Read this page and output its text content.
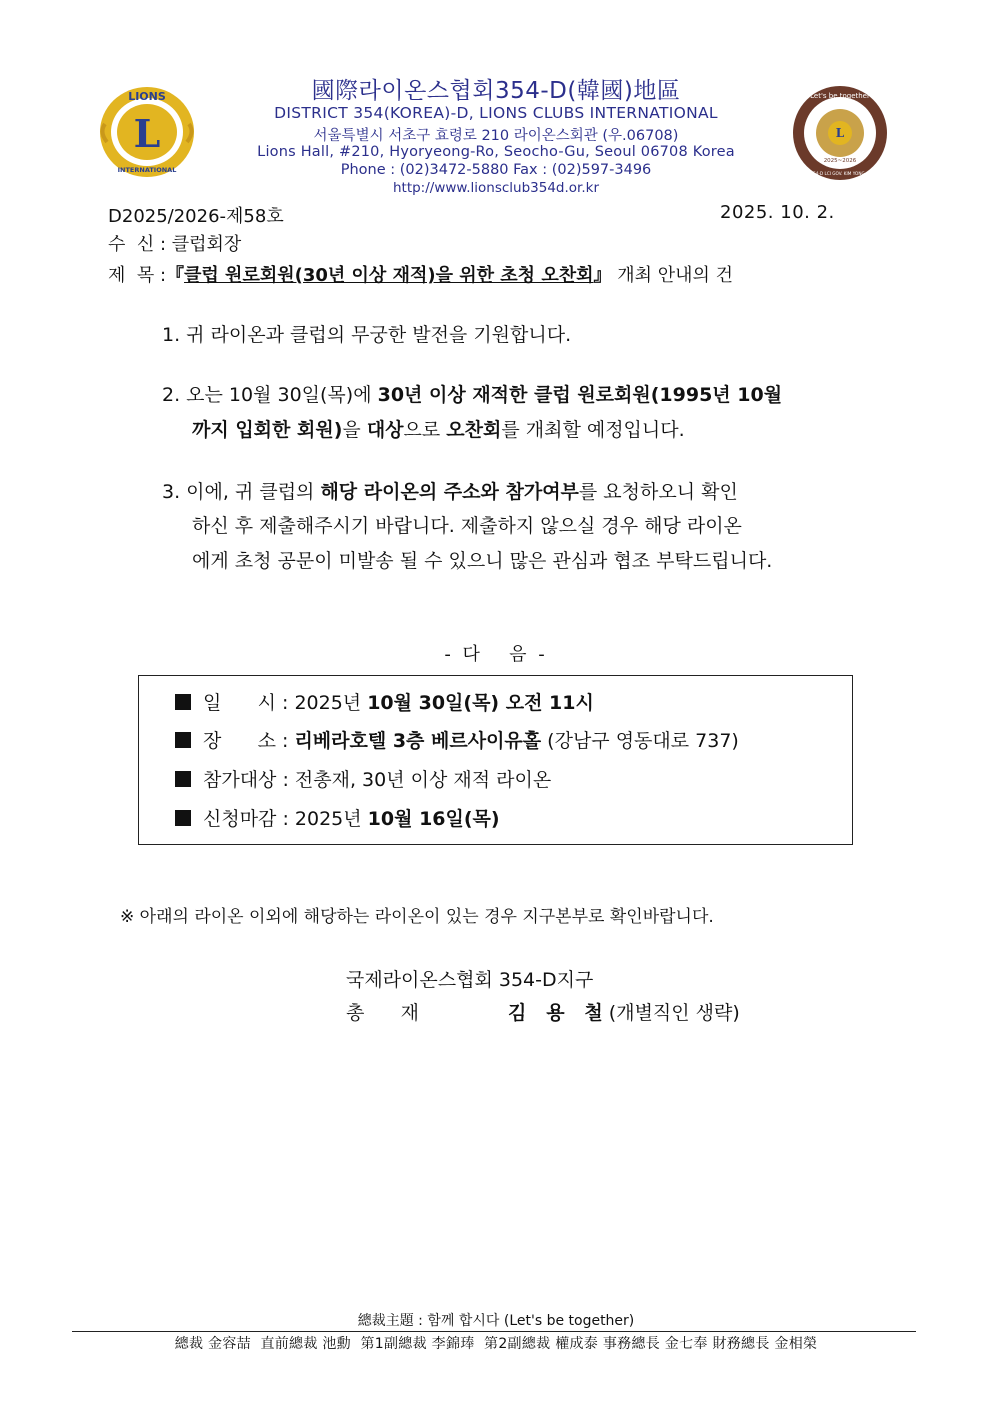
L
LIONS
INTERNATIONAL
L
Let's be together
2025~2026
DIST 354-D LCI GOV. KIM YONG-CHEOL
國際라이온스협회354-D(韓國)地區
DISTRICT 354(KOREA)-D, LIONS CLUBS INTERNATIONAL
서울특별시 서초구 효령로 210 라이온스회관 (우.06708)
Lions Hall, #210, Hyoryeong-Ro, Seocho-Gu, Seoul 06708 Korea
Phone : (02)3472-5880 Fax : (02)597-3496
http://www.lionsclub354d.or.kr
D2025/2026-제58호	2025. 10. 2.
수  신 : 클럽회장
제  목 :『클럽 원로회원(30년 이상 재적)을 위한 초청 오찬회』 개최 안내의 건
1. 귀 라이온과 클럽의 무궁한 발전을 기원합니다.
2. 오는 10월 30일(목)에 30년 이상 재적한 클럽 원로회원(1995년 10월
까지 입회한 회원)을 대상으로 오찬회를 개최할 예정입니다.
3. 이에, 귀 클럽의 해당 라이온의 주소와 참가여부를 요청하오니 확인
하신 후 제출해주시기 바랍니다. 제출하지 않으실 경우 해당 라이온
에게 초청 공문이 미발송 될 수 있으니 많은 관심과 협조 부탁드립니다.
- 다   음 -
일      시 : 2025년 10월 30일(목) 오전 11시
장      소 : 리베라호텔 3층 베르사이유홀 (강남구 영동대로 737)
참가대상 : 전총재, 30년 이상 재적 라이온
신청마감 : 2025년 10월 16일(목)
※ 아래의 라이온 이외에 해당하는 라이온이 있는 경우 지구본부로 확인바랍니다.
국제라이온스협회 354-D지구
총      재	김   용   철 (개별직인 생략)
總裁主題 : 함께 합시다 (Let's be together)
總裁 金容喆  直前總裁 池勳  第1副總裁 李錦琫  第2副總裁 權成泰 事務總長 金七奉 財務總長 金相榮
